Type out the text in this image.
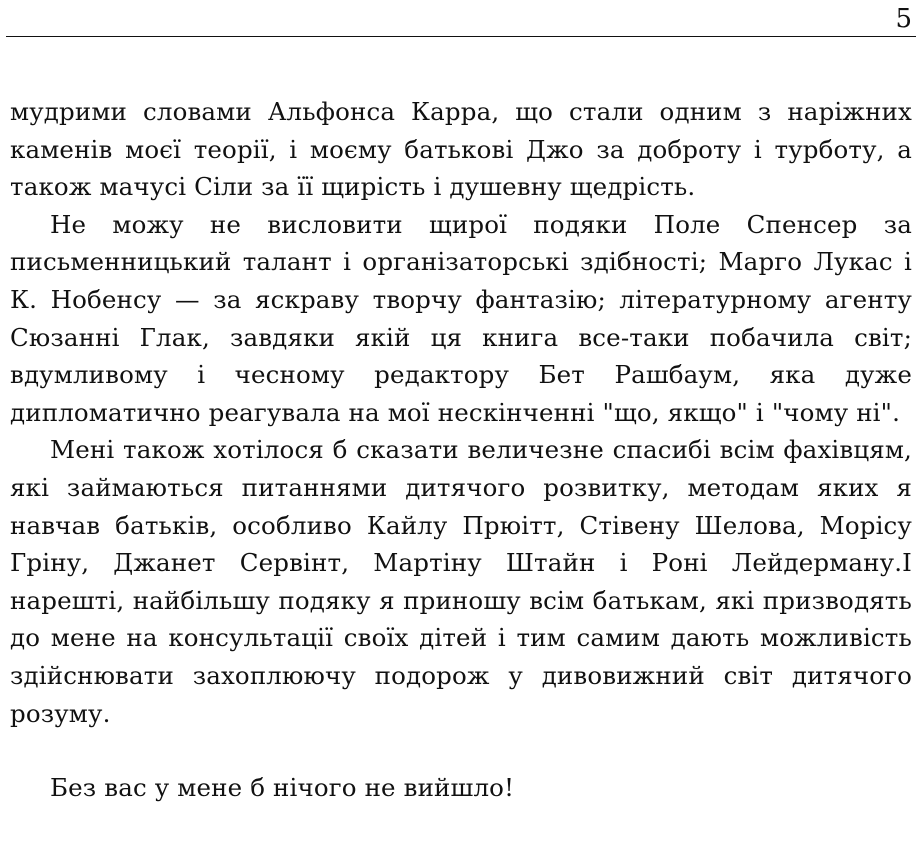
5

мудрими словами Альфонса Карра, що стали одним з наріжних каменів моєї теорії, і моєму батькові Джо за доброту і турботу, а також мачусі Сіли за її щирість і душевну щедрість.

Не можу не висловити щирої подяки Поле Спенсер за письменницький талант і організаторські здібності; Марго Лукас і К. Нобенсу — за яскраву творчу фантазію; літературному агенту Сюзанні Глак, завдяки якій ця книга все-таки побачила світ; вдумливому і чесному редактору Бет Рашбаум, яка дуже дипломатично реагувала на мої нескінченні "що, якщо" і "чому ні".

Мені також хотілося б сказати величезне спасибі всім фахівцям, які займаються питаннями дитячого розвитку, методам яких я навчав батьків, особливо Кайлу Прюітт, Стівену Шелова, Морісу Гріну, Джанет Сервінт, Мартіну Штайн і Роні Лейдерману.І нарешті, найбільшу подяку я приношу всім батькам, які призводять до мене на консультації своїх дітей і тим самим дають можливість здійснювати захоплюючу подорож у дивовижний світ дитячого розуму.

Без вас у мене б нічого не вийшло!
